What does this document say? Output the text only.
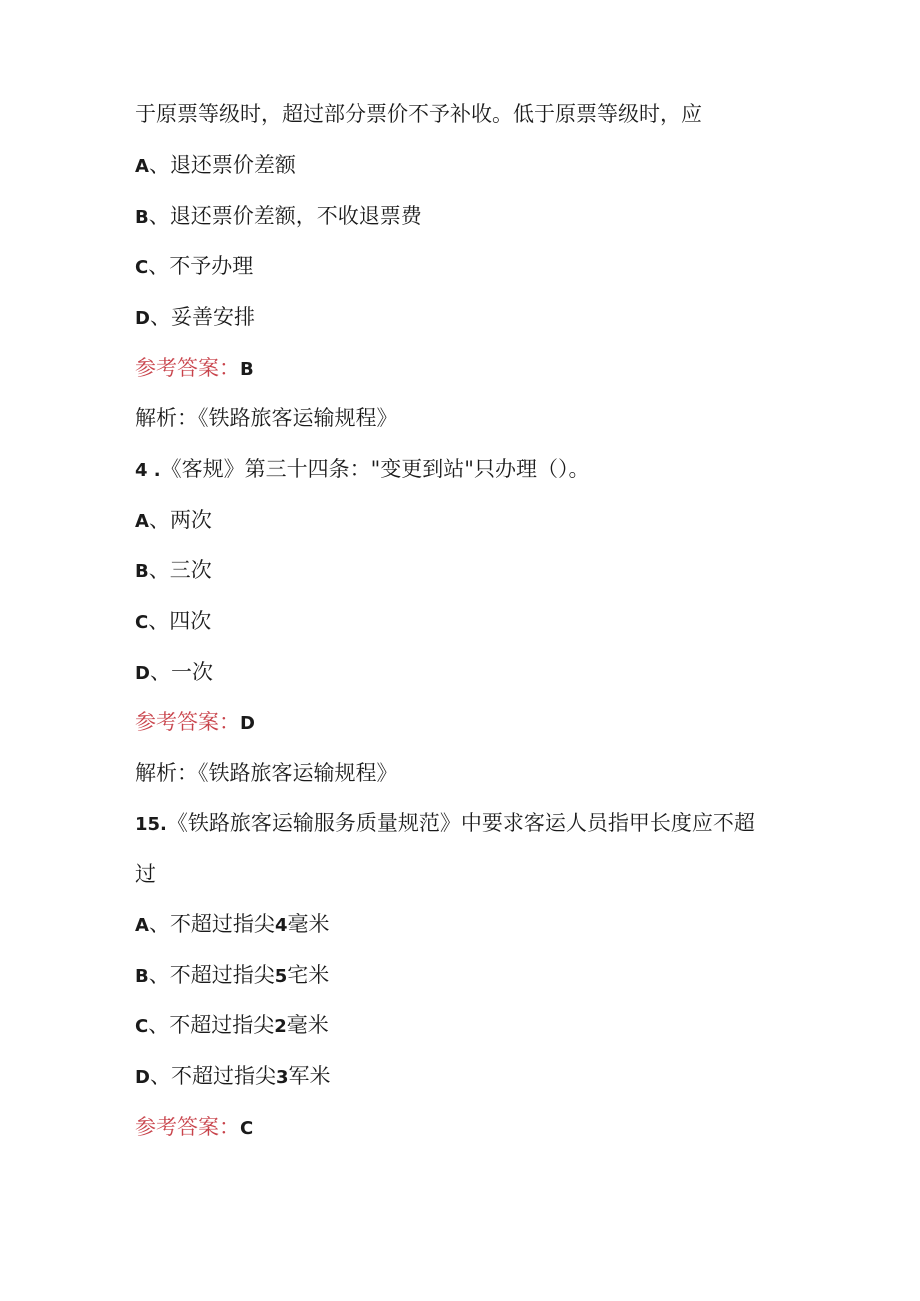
于原票等级时，超过部分票价不予补收。低于原票等级时，应
A、退还票价差额
B、退还票价差额，不收退票费
C、不予办理
D、妥善安排
参考答案：B
解析：《铁路旅客运输规程》
4 .《客规》第三十四条："变更到站"只办理（）。
A、两次
B、三次
C、四次
D、一次
参考答案：D
解析：《铁路旅客运输规程》
15.《铁路旅客运输服务质量规范》中要求客运人员指甲长度应不超
过
A、不超过指尖4毫米
B、不超过指尖5宅米
C、不超过指尖2毫米
D、不超过指尖3军米
参考答案：C
